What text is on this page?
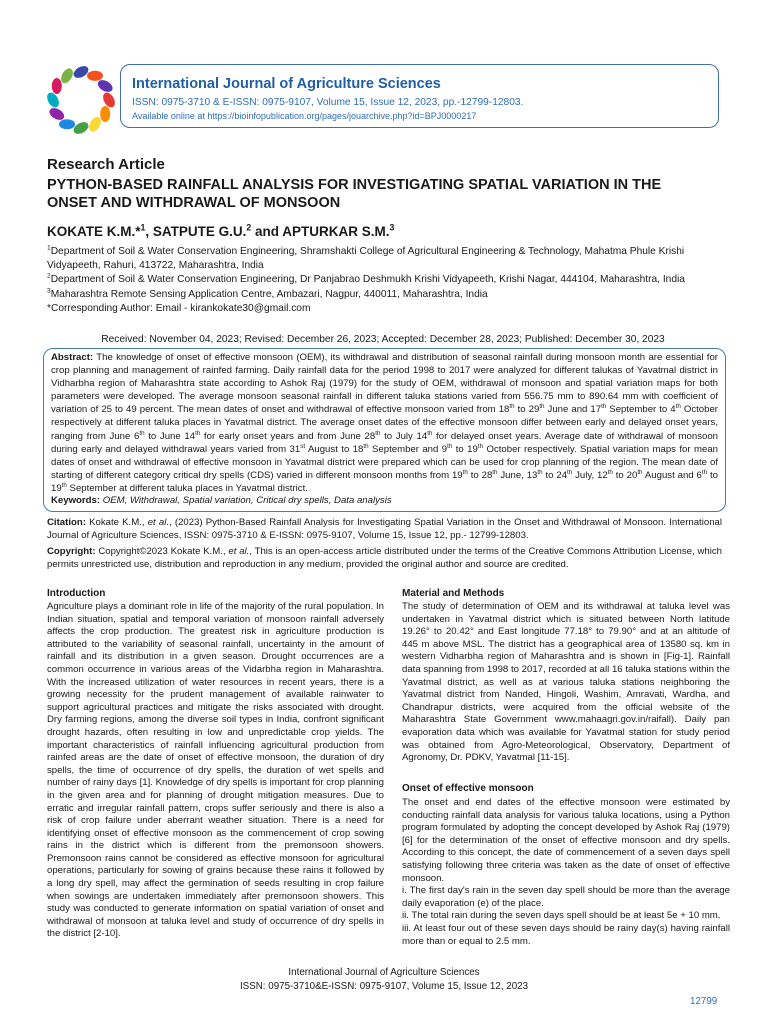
International Journal of Agriculture Sciences
ISSN: 0975-3710 & E-ISSN: 0975-9107, Volume 15, Issue 12, 2023, pp.-12799-12803.
Available online at https://bioinfopublication.org/pages/jouarchive.php?id=BPJ0000217
Research Article
PYTHON-BASED RAINFALL ANALYSIS FOR INVESTIGATING SPATIAL VARIATION IN THE ONSET AND WITHDRAWAL OF MONSOON
KOKATE K.M.*$^1$, SATPUTE G.U.$^2$ and APTURKAR S.M.$^3$
$^1$Department of Soil & Water Conservation Engineering, Shramshakti College of Agricultural Engineering & Technology, Mahatma Phule Krishi Vidyapeeth, Rahuri, 413722, Maharashtra, India
$^2$Department of Soil & Water Conservation Engineering, Dr Panjabrao Deshmukh Krishi Vidyapeeth, Krishi Nagar, 444104, Maharashtra, India
$^3$Maharashtra Remote Sensing Application Centre, Ambazari, Nagpur, 440011, Maharashtra, India
*Corresponding Author: Email - kirankokate30@gmail.com
Received: November 04, 2023; Revised: December 26, 2023; Accepted: December 28, 2023; Published: December 30, 2023
Abstract: The knowledge of onset of effective monsoon (OEM), its withdrawal and distribution of seasonal rainfall during monsoon month are essential for crop planning and management of rainfed farming. Daily rainfall data for the period 1998 to 2017 were analyzed for different talukas of Yavatmal district in Vidharbha region of Maharashtra state according to Ashok Raj (1979) for the study of OEM, withdrawal of monsoon and spatial variation maps for both parameters were developed. The average monsoon seasonal rainfall in different taluka stations varied from 556.75 mm to 890.64 mm with coefficient of variation of 25 to 49 percent. The mean dates of onset and withdrawal of effective monsoon varied from 18th to 29th June and 17th September to 4th October respectively at different taluka places in Yavatmal district. The average onset dates of the effective monsoon differ between early and delayed onset years, ranging from June 6th to June 14th for early onset years and from June 28th to July 14th for delayed onset years. Average date of withdrawal of monsoon during early and delayed withdrawal years varied from 31st August to 18th September and 9th to 19th October respectively. Spatial variation maps for mean dates of onset and withdrawal of effective monsoon in Yavatmal district were prepared which can be used for crop planning of the region. The mean date of starting of different category critical dry spells (CDS) varied in different monsoon months from 19th to 28th June, 13th to 24th July, 12th to 20th August and 6th to 19th September at different taluka places in Yavatmal district.
Keywords: OEM, Withdrawal, Spatial variation, Critical dry spells, Data analysis
Citation: Kokate K.M., et al., (2023) Python-Based Rainfall Analysis for Investigating Spatial Variation in the Onset and Withdrawal of Monsoon. International Journal of Agriculture Sciences, ISSN: 0975-3710 & E-ISSN: 0975-9107, Volume 15, Issue 12, pp.- 12799-12803.
Copyright: Copyright©2023 Kokate K.M., et al., This is an open-access article distributed under the terms of the Creative Commons Attribution License, which permits unrestricted use, distribution and reproduction in any medium, provided the original author and source are credited.
Introduction
Agriculture plays a dominant role in life of the majority of the rural population. In Indian situation, spatial and temporal variation of monsoon rainfall adversely affects the crop production. The greatest risk in agriculture production is attributed to the variability of seasonal rainfall, uncertainty in the amount of rainfall and its distribution in a given season. Drought occurrences are a common occurrence in various areas of the Vidarbha region in Maharashtra. With the increased utilization of water resources in recent years, there is a growing necessity for the prudent management of available rainwater to support agricultural practices and mitigate the risks associated with drought. Dry farming regions, among the diverse soil types in India, confront significant drought hazards, often resulting in low and unpredictable crop yields. The important characteristics of rainfall influencing agricultural production from rainfed areas are the date of onset of effective monsoon, the duration of dry spells, the time of occurrence of dry spells, the duration of wet spells and number of rainy days [1]. Knowledge of dry spells is important for crop planning in the given area and for planning of drought mitigation measures. Due to erratic and irregular rainfall pattern, crops suffer seriously and there is also a risk of crop failure under aberrant weather situation. There is a need for identifying onset of effective monsoon as the commencement of crop sowing rains in the district which is different from the premonsoon showers. Premonsoon rains cannot be considered as effective monsoon for agricultural operations, particularly for sowing of grains because these rains it followed by a long dry spell, may affect the germination of seeds resulting in crop failure when sowings are undertaken immediately after premonsoon showers. This study was conducted to generate information on spatial variation of onset and withdrawal of monsoon at taluka level and study of occurrence of dry spells in the district [2-10].
Material and Methods
The study of determination of OEM and its withdrawal at taluka level was undertaken in Yavatmal district which is situated between North latitude 19.26° to 20.42° and East longitude 77.18° to 79.90° and at an altitude of 445 m above MSL. The district has a geographical area of 13580 sq. km in western Vidharbha region of Maharashtra and is shown in [Fig-1]. Rainfall data spanning from 1998 to 2017, recorded at all 16 taluka stations within the Yavatmal district, as well as at various taluka stations neighboring the Yavatmal district from Nanded, Hingoli, Washim, Amravati, Wardha, and Chandrapur districts, were acquired from the official website of the Maharashtra State Government www.mahaagri.gov.in/raifall). Daily pan evaporation data which was available for Yavatmal station for study period was obtained from Agro-Meteorological, Observatory, Department of Agronomy, Dr. PDKV, Yavatmal [11-15].
Onset of effective monsoon
The onset and end dates of the effective monsoon were estimated by conducting rainfall data analysis for various taluka locations, using a Python program formulated by adopting the concept developed by Ashok Raj (1979) [6] for the determination of the onset of effective monsoon and dry spells. According to this concept, the date of commencement of a seven days spell satisfying following three criteria was taken as the date of onset of effective monsoon.
i. The first day's rain in the seven day spell should be more than the average daily evaporation (e) of the place.
ii. The total rain during the seven days spell should be at least 5e + 10 mm.
iii. At least four out of these seven days should be rainy day(s) having rainfall more than or equal to 2.5 mm.
International Journal of Agriculture Sciences
ISSN: 0975-3710&E-ISSN: 0975-9107, Volume 15, Issue 12, 2023
12799
